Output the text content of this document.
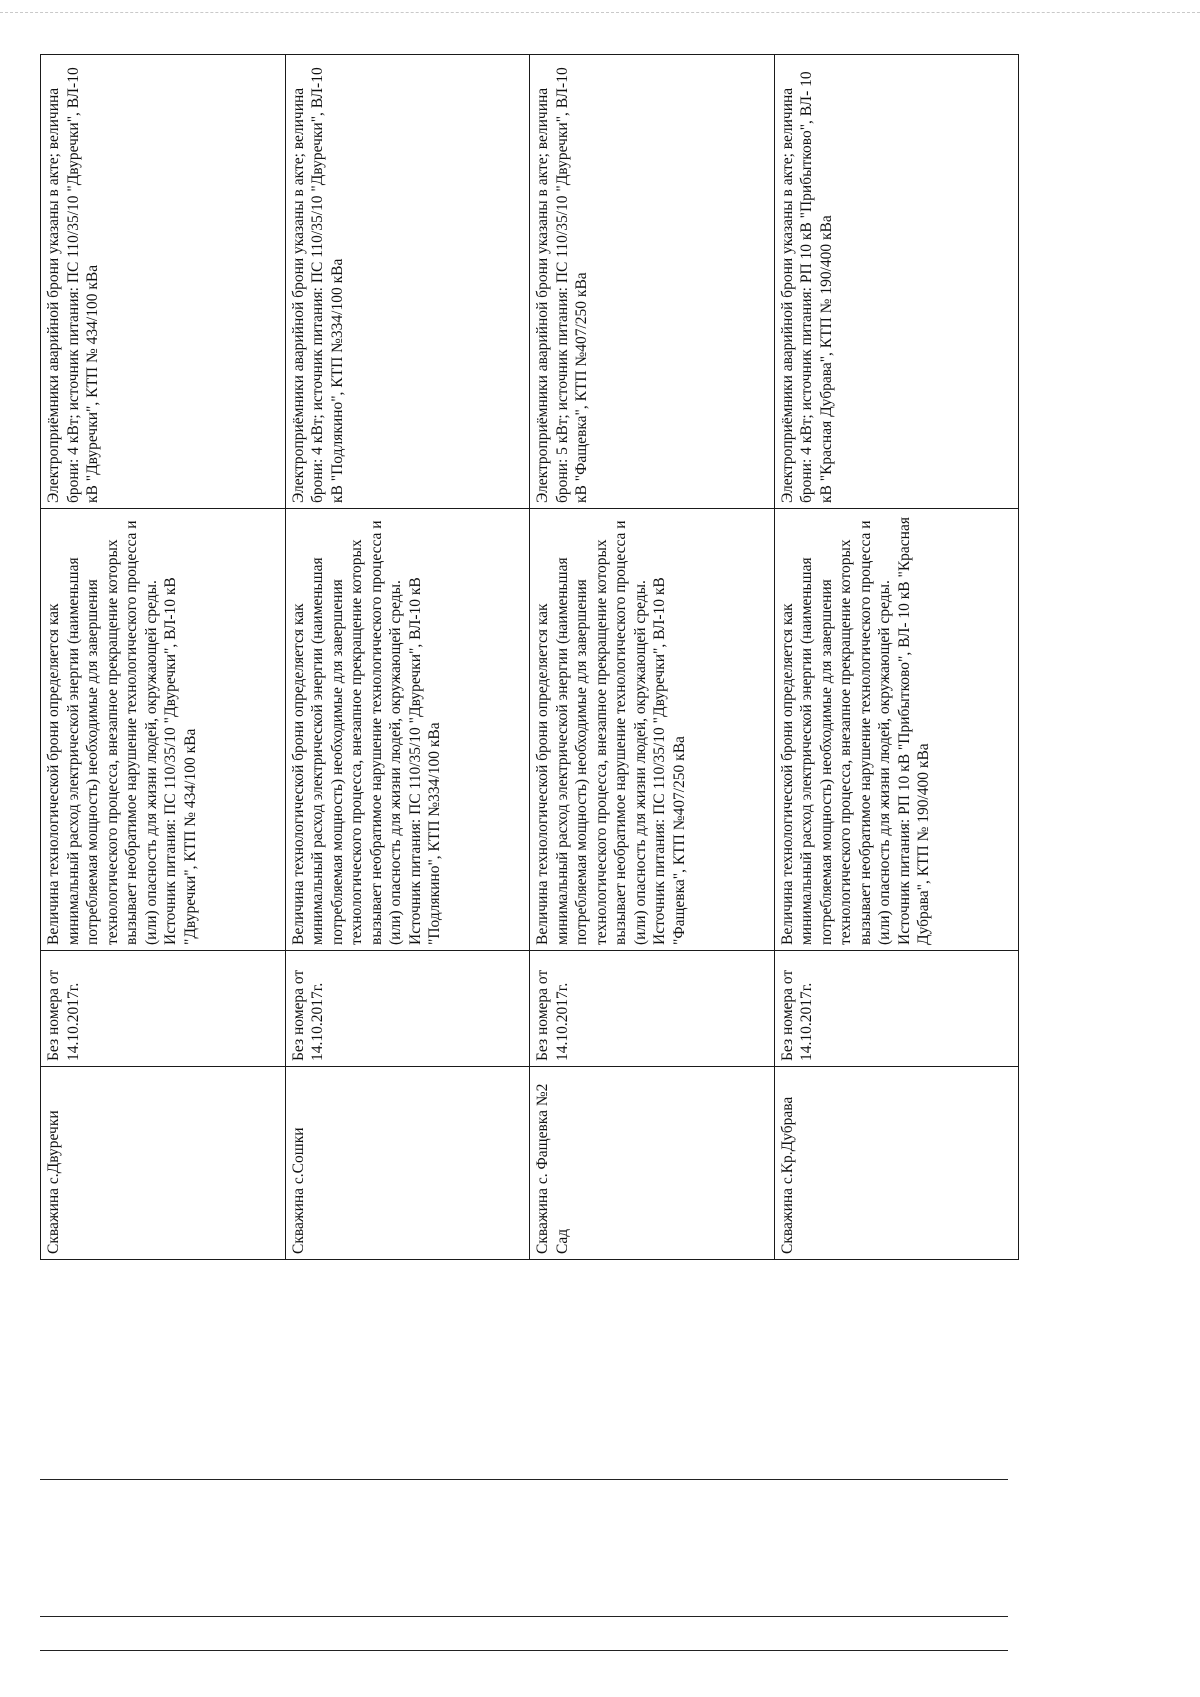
Скважина с.Двуречки	Без номера от 14.10.2017г.	Величина технологической брони определяется как минимальный расход электрической энергии (наименьшая потребляемая мощность) необходимые для завершения технологического процесса, внезапное прекращение которых вызывает необратимое нарушение технологического процесса и (или) опасность для жизни людей, окружающей среды. Источник питания: ПС 110/35/10 "Двуречки", ВЛ-10 кВ "Двуречки", КТП № 434/100 кВа	Электроприёмники аварийной брони указаны в акте; величина брони: 4 кВт; источник питания: ПС 110/35/10 "Двуречки", ВЛ-10 кВ "Двуречки", КТП № 434/100 кВа
Скважина с.Сошки	Без номера от 14.10.2017г.	Величина технологической брони определяется как минимальный расход электрической энергии (наименьшая потребляемая мощность) необходимые для завершения технологического процесса, внезапное прекращение которых вызывает необратимое нарушение технологического процесса и (или) опасность для жизни людей, окружающей среды. Источник питания: ПС 110/35/10 "Двуречки", ВЛ-10 кВ "Подлякино", КТП №334/100 кВа	Электроприёмники аварийной брони указаны в акте; величина брони: 4 кВт; источник питания: ПС 110/35/10 "Двуречки", ВЛ-10 кВ "Подлякино", КТП №334/100 кВа
Скважина с. Фащевка №2 Сад	Без номера от 14.10.2017г.	Величина технологической брони определяется как минимальный расход электрической энергии (наименьшая потребляемая мощность) необходимые для завершения технологического процесса, внезапное прекращение которых вызывает необратимое нарушение технологического процесса и (или) опасность для жизни людей, окружающей среды. Источник питания: ПС 110/35/10 "Двуречки", ВЛ-10 кВ "Фащевка", КТП №407/250 кВа	Электроприёмники аварийной брони указаны в акте; величина брони: 5 кВт; источник питания: ПС 110/35/10 "Двуречки", ВЛ-10 кВ "Фащевка", КТП №407/250 кВа
Скважина с.Кр.Дубрава	Без номера от 14.10.2017г.	Величина технологической брони определяется как минимальный расход электрической энергии (наименьшая потребляемая мощность) необходимые для завершения технологического процесса, внезапное прекращение которых вызывает необратимое нарушение технологического процесса и (или) опасность для жизни людей, окружающей среды. Источник питания: РП 10 кВ "Прибытково", ВЛ- 10 кВ "Красная Дубрава", КТП № 190/400 кВа	Электроприёмники аварийной брони указаны в акте; величина брони: 4 кВт; источник питания: РП 10 кВ "Прибытково", ВЛ- 10 кВ "Красная Дубрава", КТП № 190/400 кВа
